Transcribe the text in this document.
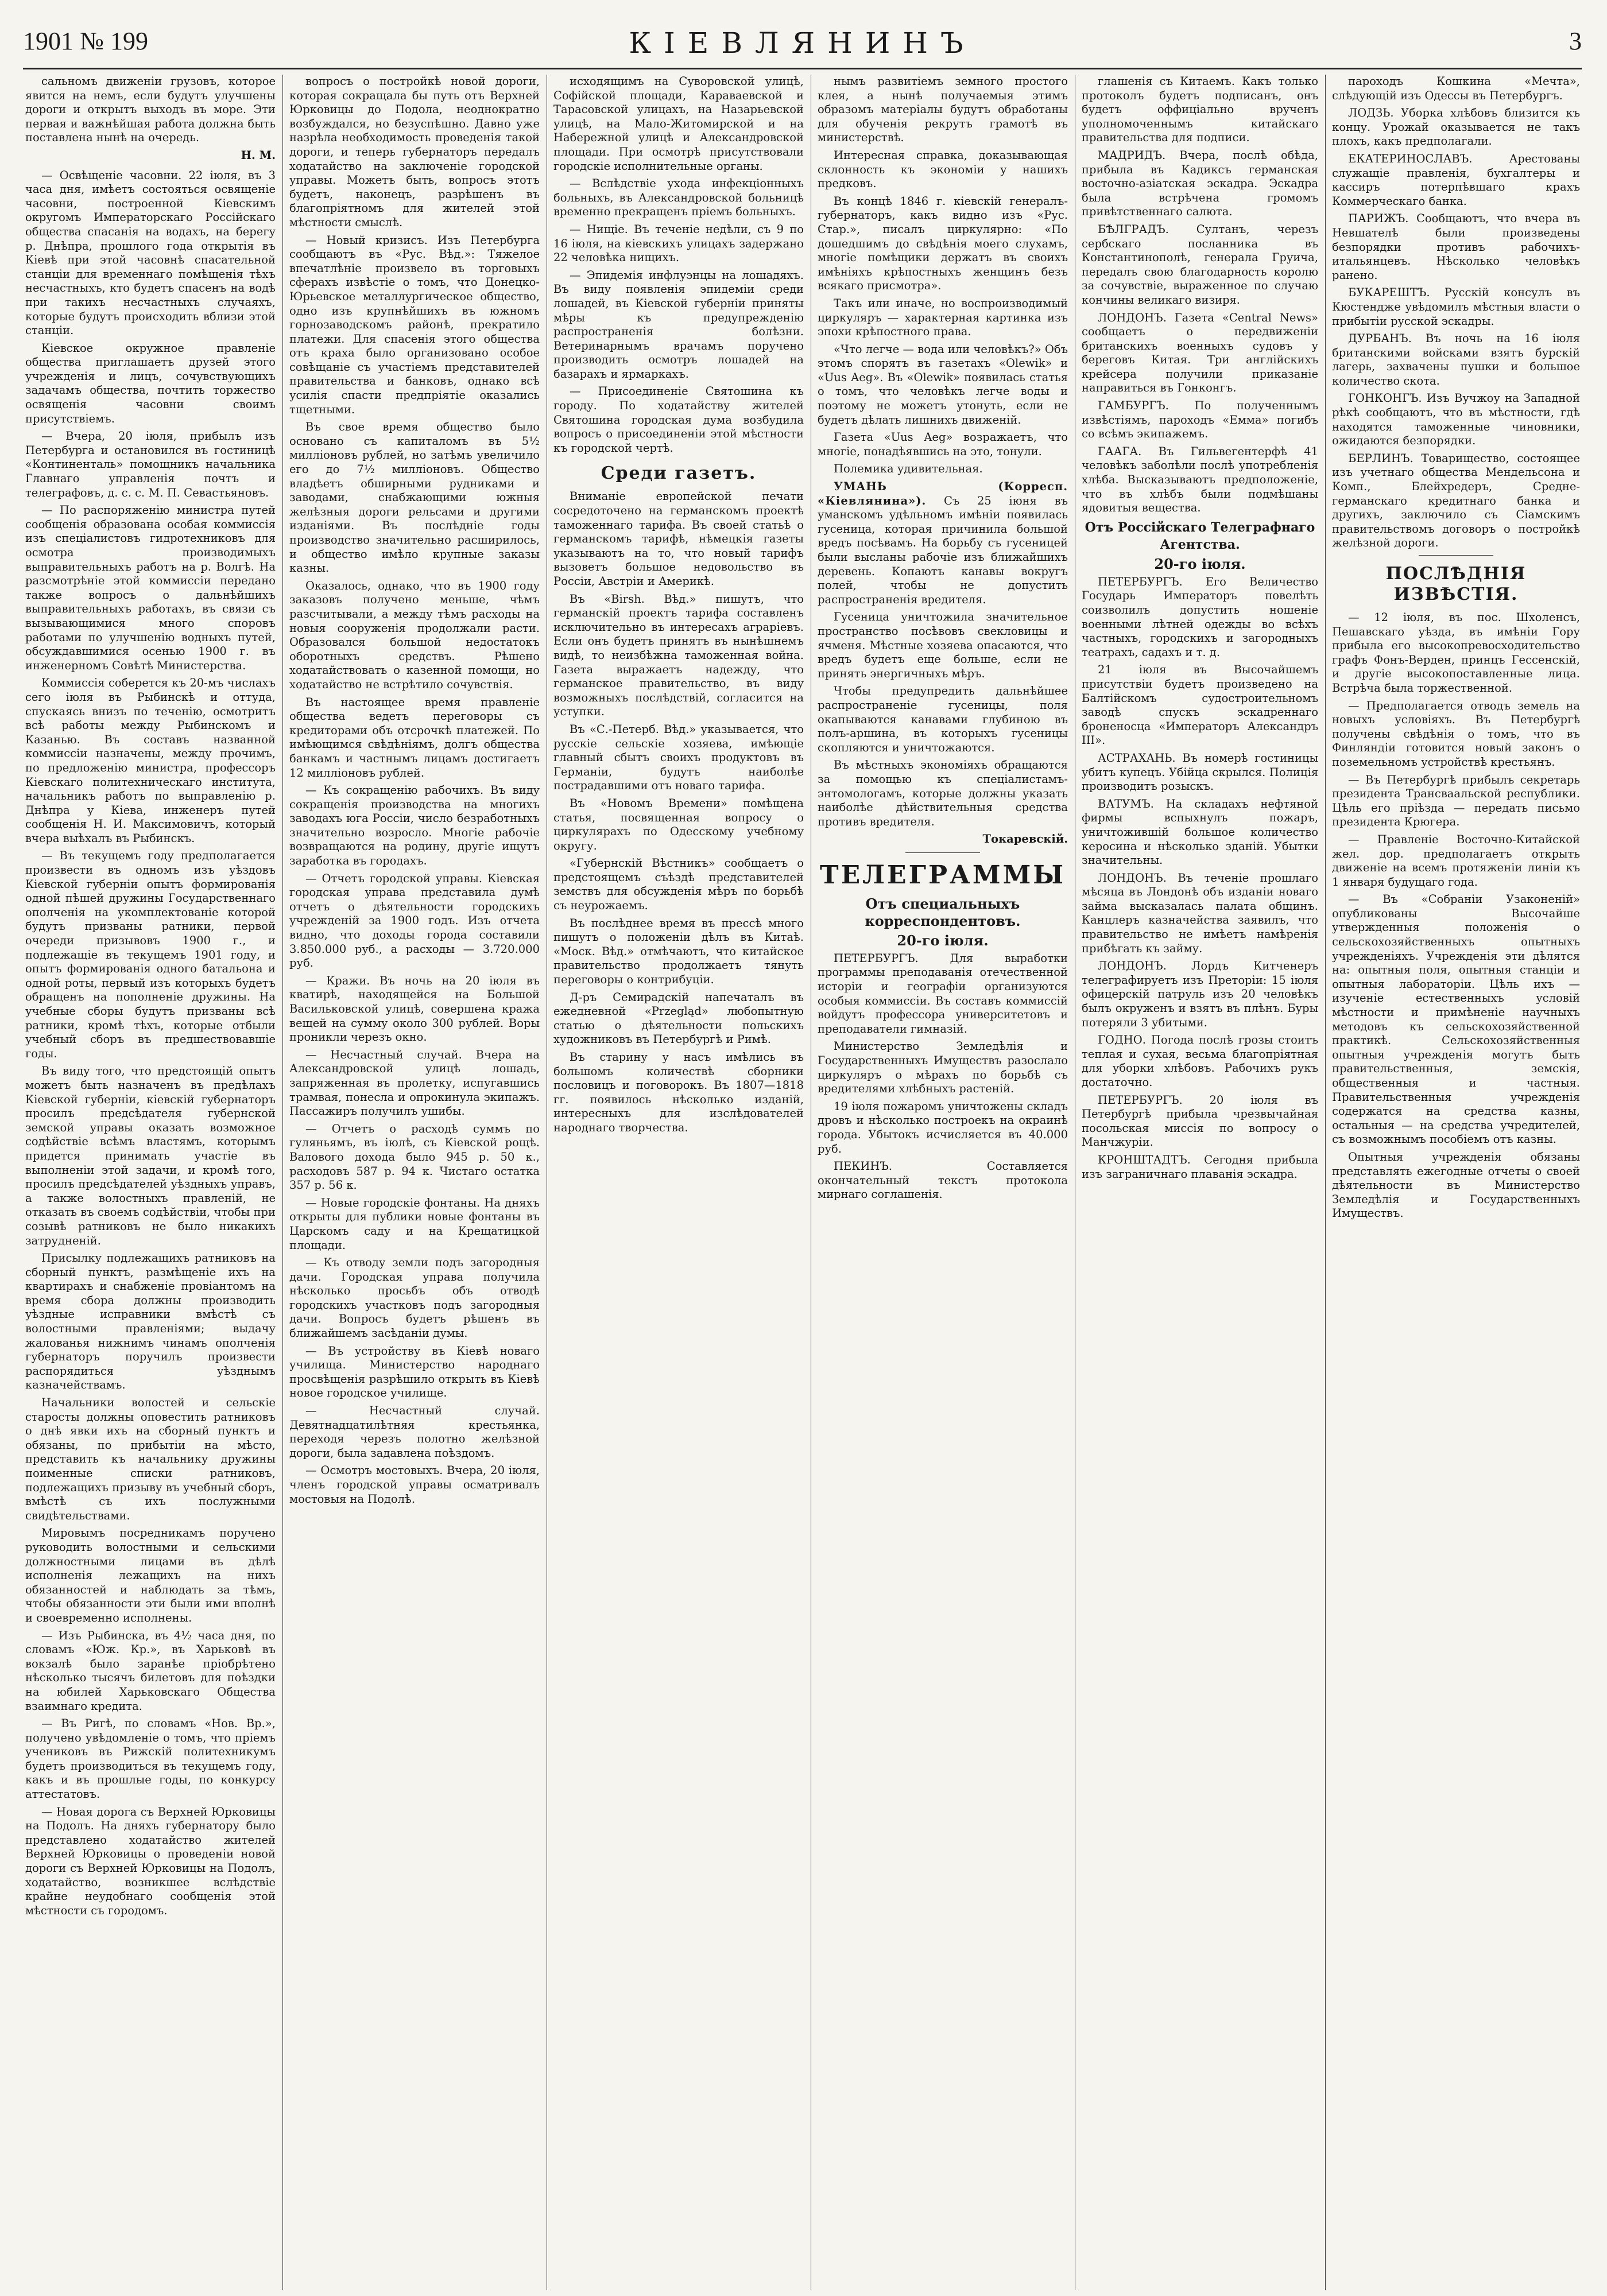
1901 № 199	КІЕВЛЯНИНЪ	3

сальномъ движеніи грузовъ, которое явится на немъ, если будутъ улучшены дороги и открытъ выходъ въ море. Эти первая и важнѣйшая работа должна быть поставлена нынѣ на очередь.

Н. М.

— Освѣщеніе часовни. 22 іюля, въ 3 часа дня, имѣетъ состояться освященіе часовни, построенной Кіевскимъ округомъ Императорскаго Россійскаго общества спасанія на водахъ, на берегу р. Днѣпра, прошлого года открытія въ Кіевѣ при этой часовнѣ спасательной станціи для временнаго помѣщенія тѣхъ несчастныхъ, кто будетъ спасенъ на водѣ при такихъ несчастныхъ случаяхъ, которые будутъ происходить вблизи этой станціи.

Кіевское окружное правленіе общества приглашаетъ друзей этого учрежденія и лицъ, сочувствующихъ задачамъ общества, почтить торжество освященія часовни своимъ присутствіемъ.

— Вчера, 20 іюля, прибылъ изъ Петербурга и остановился въ гостиницѣ «Континенталь» помощникъ начальника Главнаго управленія почтъ и телеграфовъ, д. с. с. М. П. Севастьяновъ.

— По распоряженію министра путей сообщенія образована особая коммиссія изъ спеціалистовъ гидротехниковъ для осмотра производимыхъ выправительныхъ работъ на р. Волгѣ. На разсмотрѣніе этой коммиссіи передано также вопросъ о дальнѣйшихъ выправительныхъ работахъ, въ связи съ вызывающимися много споровъ работами по улучшенію водныхъ путей, обсуждавшимися осенью 1900 г. въ инженерномъ Совѣтѣ Министерства.

Коммиссія соберется къ 20-мъ числахъ сего іюля въ Рыбинскѣ и оттуда, спускаясь внизъ по теченію, осмотритъ всѣ работы между Рыбинскомъ и Казанью. Въ составъ названной коммиссіи назначены, между прочимъ, по предложенію министра, профессоръ Кіевскаго политехническаго института, начальникъ работъ по выправленію р. Днѣпра у Кіева, инженеръ путей сообщенія Н. И. Максимовичъ, который вчера выѣхалъ въ Рыбинскъ.

— Въ текущемъ году предполагается произвести въ одномъ изъ уѣздовъ Кіевской губерніи опытъ формированія одной пѣшей дружины Государственнаго ополченія на укомплектованіе которой будутъ призваны ратники, первой очереди призывовъ 1900 г., и подлежащіе въ текущемъ 1901 году, и опытъ формированія одного батальона и одной роты, первый изъ которыхъ будетъ обращенъ на пополненіе дружины. На учебные сборы будутъ призваны всѣ ратники, кромѣ тѣхъ, которые отбыли учебный сборъ въ предшествовавшіе годы.

Въ виду того, что предстоящій опытъ можетъ быть назначенъ въ предѣлахъ Кіевской губерніи, кіевскій губернаторъ просилъ предсѣдателя губернской земской управы оказать возможное содѣйствіе всѣмъ властямъ, которымъ придется принимать участіе въ выполненіи этой задачи, и кромѣ того, просилъ предсѣдателей уѣздныхъ управъ, а также волостныхъ правленій, не отказать въ своемъ содѣйствіи, чтобы при созывѣ ратниковъ не было никакихъ затрудненій.

Присылку подлежащихъ ратниковъ на сборный пунктъ, размѣщеніе ихъ на квартирахъ и снабженіе провіантомъ на время сбора должны производить уѣздные исправники вмѣстѣ съ волостными правленіями; выдачу жалованья нижнимъ чинамъ ополченія губернаторъ поручилъ произвести распорядиться уѣзднымъ казначействамъ.

Начальники волостей и сельскіе старосты должны оповестить ратниковъ о днѣ явки ихъ на сборный пунктъ и обязаны, по прибытіи на мѣсто, представить къ начальнику дружины поименные списки ратниковъ, подлежащихъ призыву въ учебный сборъ, вмѣстѣ съ ихъ послужными свидѣтельствами.

Мировымъ посредникамъ поручено руководить волостными и сельскими должностными лицами въ дѣлѣ исполненія лежащихъ на нихъ обязанностей и наблюдать за тѣмъ, чтобы обязанности эти были ими вполнѣ и своевременно исполнены.

— Изъ Рыбинска, въ 4½ часа дня, по словамъ «Юж. Кр.», въ Харьковѣ въ вокзалѣ было заранѣе пріобрѣтено нѣсколько тысячъ билетовъ для поѣздки на юбилей Харьковскаго Общества взаимнаго кредита.

— Въ Ригѣ, по словамъ «Нов. Вр.», получено увѣдомленіе о томъ, что пріемъ учениковъ въ Рижскій политехникумъ будетъ производиться въ текущемъ году, какъ и въ прошлые годы, по конкурсу аттестатовъ.

— Новая дорога съ Верхней Юрковицы на Подолъ. На дняхъ губернатору было представлено ходатайство жителей Верхней Юрковицы о проведеніи новой дороги съ Верхней Юрковицы на Подолъ, ходатайство, возникшее вслѣдствіе крайне неудобнаго сообщенія этой мѣстности съ городомъ.

вопросъ о постройкѣ новой дороги, которая сокращала бы путь отъ Верхней Юрковицы до Подола, неоднократно возбуждался, но безуспѣшно. Давно уже назрѣла необходимость проведенія такой дороги, и теперь губернаторъ передалъ ходатайство на заключеніе городской управы. Можетъ быть, вопросъ этотъ будетъ, наконецъ, разрѣшенъ въ благопріятномъ для жителей этой мѣстности смыслѣ.

— Новый кризисъ. Изъ Петербурга сообщаютъ въ «Рус. Вѣд.»: Тяжелое впечатлѣніе произвело въ торговыхъ сферахъ извѣстіе о томъ, что Донецко-Юрьевское металлургическое общество, одно изъ крупнѣйшихъ въ южномъ горнозаводскомъ районѣ, прекратило платежи. Для спасенія этого общества отъ краха было организовано особое совѣщаніе съ участіемъ представителей правительства и банковъ, однако всѣ усилія спасти предпріятіе оказались тщетными.

Въ свое время общество было основано съ капиталомъ въ 5½ милліоновъ рублей, но затѣмъ увеличило его до 7½ милліоновъ. Общество владѣетъ обширными рудниками и заводами, снабжающими южныя желѣзныя дороги рельсами и другими изданіями. Въ послѣдніе годы производство значительно расширилось, и общество имѣло крупные заказы казны.

Оказалось, однако, что въ 1900 году заказовъ получено меньше, чѣмъ разсчитывали, а между тѣмъ расходы на новыя сооруженія продолжали расти. Образовался большой недостатокъ оборотныхъ средствъ. Рѣшено ходатайствовать о казенной помощи, но ходатайство не встрѣтило сочувствія.

Въ настоящее время правленіе общества ведетъ переговоры съ кредиторами объ отсрочкѣ платежей. По имѣющимся свѣдѣніямъ, долгъ общества банкамъ и частнымъ лицамъ достигаетъ 12 милліоновъ рублей.

— Къ сокращенію рабочихъ. Въ виду сокращенія производства на многихъ заводахъ юга Россіи, число безработныхъ значительно возросло. Многіе рабочіе возвращаются на родину, другіе ищутъ заработка въ городахъ.

— Отчетъ городской управы. Кіевская городская управа представила думѣ отчетъ о дѣятельности городскихъ учрежденій за 1900 годъ. Изъ отчета видно, что доходы города составили 3.850.000 руб., а расходы — 3.720.000 руб.

— Кражи. Въ ночь на 20 іюля въ кватирѣ, находящейся на Большой Васильковской улицѣ, совершена кража вещей на сумму около 300 рублей. Воры проникли черезъ окно.

— Несчастный случай. Вчера на Александровской улицѣ лошадь, запряженная въ пролетку, испугавшись трамвая, понесла и опрокинула экипажъ. Пассажиръ получилъ ушибы.

— Отчетъ о расходѣ суммъ по гуляньямъ, въ іюлѣ, съ Кіевской рощѣ. Валового дохода было 945 р. 50 к., расходовъ 587 р. 94 к. Чистаго остатка 357 р. 56 к.

— Новые городскіе фонтаны. На дняхъ открыты для публики новые фонтаны въ Царскомъ саду и на Крещатицкой площади.

— Къ отводу земли подъ загородныя дачи. Городская управа получила нѣсколько просьбъ объ отводѣ городскихъ участковъ подъ загородныя дачи. Вопросъ будетъ рѣшенъ въ ближайшемъ засѣданіи думы.

— Въ устройству въ Кіевѣ новаго училища. Министерство народнаго просвѣщенія разрѣшило открыть въ Кіевѣ новое городское училище.

— Несчастный случай. Девятнадцатилѣтняя крестьянка, переходя черезъ полотно желѣзной дороги, была задавлена поѣздомъ.

— Осмотръ мостовыхъ. Вчера, 20 іюля, членъ городской управы осматривалъ мостовыя на Подолѣ.

исходящимъ на Суворовской улицѣ, Софійской площади, Караваевской и Тарасовской улицахъ, на Назарьевской улицѣ, на Мало-Житомирской и на Набережной улицѣ и Александровской площади. При осмотрѣ присутствовали городскіе исполнительные органы.

— Вслѣдствіе ухода инфекціонныхъ больныхъ, въ Александровской больницѣ временно прекращенъ пріемъ больныхъ.

— Нищіе. Въ теченіе недѣли, съ 9 по 16 іюля, на кіевскихъ улицахъ задержано 22 человѣка нищихъ.

— Эпидемія инфлуэнцы на лошадяхъ. Въ виду появленія эпидеміи среди лошадей, въ Кіевской губерніи приняты мѣры къ предупрежденію распространенія болѣзни. Ветеринарнымъ врачамъ поручено производить осмотръ лошадей на базарахъ и ярмаркахъ.

— Присоединеніе Святошина къ городу. По ходатайству жителей Святошина городская дума возбудила вопросъ о присоединеніи этой мѣстности къ городской чертѣ.

Среди газетъ.

Вниманіе европейской печати сосредоточено на германскомъ проектѣ таможеннаго тарифа. Въ своей статьѣ о германскомъ тарифѣ, нѣмецкія газеты указываютъ на то, что новый тарифъ вызоветъ большое недовольство въ Россіи, Австріи и Америкѣ.

Въ «Birsh. Вѣд.» пишутъ, что германскій проектъ тарифа составленъ исключительно въ интересахъ аграріевъ. Если онъ будетъ принятъ въ нынѣшнемъ видѣ, то неизбѣжна таможенная война. Газета выражаетъ надежду, что германское правительство, въ виду возможныхъ послѣдствій, согласится на уступки.

Въ «С.-Петерб. Вѣд.» указывается, что русскіе сельскіе хозяева, имѣющіе главный сбытъ своихъ продуктовъ въ Германіи, будутъ наиболѣе пострадавшими отъ новаго тарифа.

Въ «Новомъ Времени» помѣщена статья, посвященная вопросу о циркулярахъ по Одесскому учебному округу.

«Губернскій Вѣстникъ» сообщаетъ о предстоящемъ съѣздѣ представителей земствъ для обсужденія мѣръ по борьбѣ съ неурожаемъ.

Въ послѣднее время въ прессѣ много пишутъ о положеніи дѣлъ въ Китаѣ. «Моск. Вѣд.» отмѣчаютъ, что китайское правительство продолжаетъ тянуть переговоры о контрибуціи.

Д-ръ Семирадскій напечаталъ въ ежедневной «Przegląd» любопытную статью о дѣятельности польскихъ художниковъ въ Петербургѣ и Римѣ.

Въ старину у насъ имѣлись въ большомъ количествѣ сборники пословицъ и поговорокъ. Въ 1807—1818 гг. появилось нѣсколько изданій, интересныхъ для изслѣдователей народнаго творчества.

нымъ развитіемъ земного простого клея, а нынѣ получаемыя этимъ образомъ матеріалы будутъ обработаны для обученія рекрутъ грамотѣ въ министерствѣ.

Интересная справка, доказывающая склонность къ экономіи у нашихъ предковъ.

Въ концѣ 1846 г. кіевскій генералъ-губернаторъ, какъ видно изъ «Рус. Стар.», писалъ циркулярно: «По дошедшимъ до свѣдѣнія моего слухамъ, многіе помѣщики держатъ въ своихъ имѣніяхъ крѣпостныхъ женщинъ безъ всякаго присмотра».

Такъ или иначе, но воспроизводимый циркуляръ — характерная картинка изъ эпохи крѣпостного права.

«Что легче — вода или человѣкъ?» Объ этомъ спорятъ въ газетахъ «Olewik» и «Uus Aeg». Въ «Olewik» появилась статья о томъ, что человѣкъ легче воды и поэтому не можетъ утонуть, если не будетъ дѣлать лишнихъ движеній.

Газета «Uus Aeg» возражаетъ, что многіе, понадѣявшись на это, тонули.

Полемика удивительная.

УМАНЬ (Корресп. «Кіевлянина»). Съ 25 іюня въ уманскомъ удѣльномъ имѣніи появилась гусеница, которая причинила большой вредъ посѣвамъ. На борьбу съ гусеницей были высланы рабочіе изъ ближайшихъ деревень. Копаютъ канавы вокругъ полей, чтобы не допустить распространенія вредителя.

Гусеница уничтожила значительное пространство посѣвовъ свекловицы и ячменя. Мѣстные хозяева опасаются, что вредъ будетъ еще больше, если не принять энергичныхъ мѣръ.

Чтобы предупредить дальнѣйшее распространеніе гусеницы, поля окапываются канавами глубиною въ полъ-аршина, въ которыхъ гусеницы скопляются и уничтожаются.

Въ мѣстныхъ экономіяхъ обращаются за помощью къ спеціалистамъ-энтомологамъ, которые должны указать наиболѣе дѣйствительныя средства противъ вредителя.

Токаревскій.
ТЕЛЕГРАММЫ
Отъ специальныхъ корреспондентовъ.
20-го іюля.

ПЕТЕРБУРГЪ. Для выработки программы преподаванія отечественной исторіи и географіи организуются особыя коммиссіи. Въ составъ коммиссій войдутъ профессора университетовъ и преподаватели гимназій.

Министерство Земледѣлія и Государственныхъ Имуществъ разослало циркуляръ о мѣрахъ по борьбѣ съ вредителями хлѣбныхъ растеній.

19 іюля пожаромъ уничтожены складъ дровъ и нѣсколько построекъ на окраинѣ города. Убытокъ исчисляется въ 40.000 руб.

ПЕКИНЪ. Составляется окончательный текстъ протокола мирнаго соглашенія.

глашенія съ Китаемъ. Какъ только протоколъ будетъ подписанъ, онъ будетъ оффиціально врученъ уполномоченнымъ китайскаго правительства для подписи.

МАДРИДЪ. Вчера, послѣ обѣда, прибыла въ Кадиксъ германская восточно-азіатская эскадра. Эскадра была встрѣчена громомъ привѣтственнаго салюта.

БѢЛГРАДЪ. Султанъ, черезъ сербскаго посланника въ Константинополѣ, генерала Груича, передалъ свою благодарность королю за сочувствіе, выраженное по случаю кончины великаго визиря.

ЛОНДОНЪ. Газета «Central News» сообщаетъ о передвиженіи британскихъ военныхъ судовъ у береговъ Китая. Три англійскихъ крейсера получили приказаніе направиться въ Гонконгъ.

ГАМБУРГЪ. По полученнымъ извѣстіямъ, пароходъ «Емма» погибъ со всѣмъ экипажемъ.

ГААГА. Въ Гильвегентерфѣ 41 человѣкъ заболѣли послѣ употребленія хлѣба. Высказываютъ предположеніе, что въ хлѣбъ были подмѣшаны ядовитыя вещества.

Отъ Россійскаго Телеграфнаго Агентства.
20-го іюля.

ПЕТЕРБУРГЪ. Его Величество Государь Императоръ повелѣть соизволилъ допустить ношеніе военными лѣтней одежды во всѣхъ частныхъ, городскихъ и загородныхъ театрахъ, садахъ и т. д.

21 іюля въ Высочайшемъ присутствіи будетъ произведено на Балтійскомъ судостроительномъ заводѣ спускъ эскадреннаго броненосца «Императоръ Александръ III».

АСТРАХАНЬ. Въ номерѣ гостиницы убитъ купецъ. Убійца скрылся. Полиція производитъ розыскъ.

ВАТУМЪ. На складахъ нефтяной фирмы вспыхнулъ пожаръ, уничтожившій большое количество керосина и нѣсколько зданій. Убытки значительны.

ЛОНДОНЪ. Въ теченіе прошлаго мѣсяца въ Лондонѣ объ изданіи новаго займа высказалась палата общинъ. Канцлеръ казначейства заявилъ, что правительство не имѣетъ намѣренія прибѣгать къ займу.

ЛОНДОНЪ. Лордъ Китченеръ телеграфируетъ изъ Преторіи: 15 іюля офицерскій патруль изъ 20 человѣкъ былъ окруженъ и взятъ въ плѣнъ. Буры потеряли 3 убитыми.

ГОДНО. Погода послѣ грозы стоитъ теплая и сухая, весьма благопріятная для уборки хлѣбовъ. Рабочихъ рукъ достаточно.

ПЕТЕРБУРГЪ. 20 іюля въ Петербургѣ прибыла чрезвычайная посольская миссія по вопросу о Манчжуріи.

КРОНШТАДТЪ. Сегодня прибыла изъ заграничнаго плаванія эскадра.

пароходъ Кошкина «Мечта», слѣдующій изъ Одессы въ Петербургъ.

ЛОДЗЬ. Уборка хлѣбовъ близится къ концу. Урожай оказывается не такъ плохъ, какъ предполагали.

ЕКАТЕРИНОСЛАВЪ. Арестованы служащіе правленія, бухгалтеры и кассиръ потерпѣвшаго крахъ Коммерческаго банка.

ПАРИЖЪ. Сообщаютъ, что вчера въ Невшателѣ были произведены безпорядки противъ рабочихъ-итальянцевъ. Нѣсколько человѣкъ ранено.

БУКАРЕШТЪ. Русскій консулъ въ Кюстендже увѣдомилъ мѣстныя власти о прибытіи русской эскадры.

ДУРБАНЪ. Въ ночь на 16 іюля британскими войсками взятъ бурскій лагерь, захвачены пушки и большое количество скота.

ГОНКОНГЪ. Изъ Вучжоу на Западной рѣкѣ сообщаютъ, что въ мѣстности, гдѣ находятся таможенные чиновники, ожидаются безпорядки.

БЕРЛИНЪ. Товарищество, состоящее изъ учетнаго общества Мендельсона и Комп., Блейхредеръ, Средне-германскаго кредитнаго банка и другихъ, заключило съ Сіамскимъ правительствомъ договоръ о постройкѣ желѣзной дороги.

ПОСЛѢДНІЯ ИЗВѢСТІЯ.

— 12 іюля, въ пос. Шхоленсъ, Пешавскаго уѣзда, въ имѣніи Гору прибыла его высокопревосходительство графъ Фонъ-Верден, принцъ Гессенскій, и другіе высокопоставленные лица. Встрѣча была торжественной.

— Предполагается отводъ земель на новыхъ условіяхъ. Въ Петербургѣ получены свѣдѣнія о томъ, что въ Финляндіи готовится новый законъ о поземельномъ устройствѣ крестьянъ.

— Въ Петербургѣ прибылъ секретарь президента Трансваальской республики. Цѣль его пріѣзда — передать письмо президента Крюгера.

— Правленіе Восточно-Китайской жел. дор. предполагаетъ открыть движеніе на всемъ протяженіи линіи къ 1 января будущаго года.

— Въ «Собраніи Узаконеній» опубликованы Высочайше утвержденныя положенія о сельскохозяйственныхъ опытныхъ учрежденіяхъ. Учрежденія эти дѣлятся на: опытныя поля, опытныя станціи и опытныя лабораторіи. Цѣль ихъ — изученіе естественныхъ условій мѣстности и примѣненіе научныхъ методовъ къ сельскохозяйственной практикѣ. Сельскохозяйственныя опытныя учрежденія могутъ быть правительственныя, земскія, общественныя и частныя. Правительственныя учрежденія содержатся на средства казны, остальныя — на средства учредителей, съ возможнымъ пособіемъ отъ казны.

Опытныя учрежденія обязаны представлять ежегодные отчеты о своей дѣятельности въ Министерство Земледѣлія и Государственныхъ Имуществъ.
